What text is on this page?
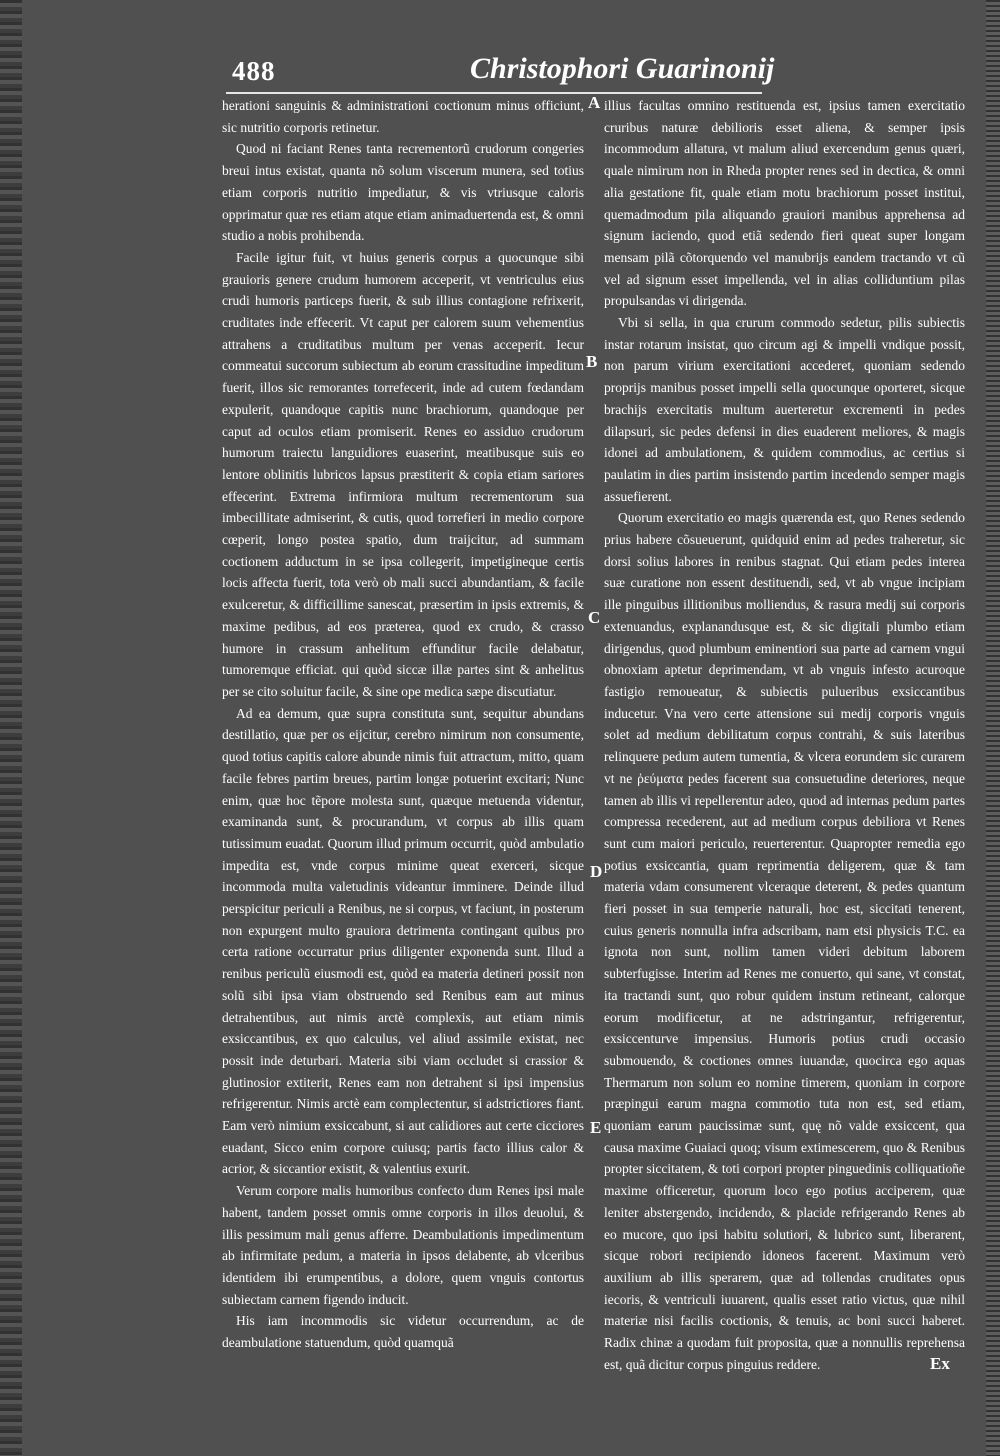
488	Christophori Guarinonij

herationi sanguinis & administrationi coctionum minus officiunt, sic nutritio corporis retinetur.

Quod ni faciant Renes tanta recrementorũ crudorum congeries breui intus existat, quanta nõ solum viscerum munera, sed totius etiam corporis nutritio impediatur, & vis vtriusque caloris opprimatur quæ res etiam atque etiam animaduertenda est, & omni studio a nobis prohibenda.

Facile igitur fuit, vt huius generis corpus a quocunque sibi grauioris genere crudum humorem acceperit, vt ventriculus eius crudi humoris particeps fuerit, & sub illius contagione refrixerit, cruditates inde effecerit. Vt caput per calorem suum vehementius attrahens a cruditatibus multum per venas acceperit. Iecur commeatui succorum subiectum ab eorum crassitudine impeditum fuerit, illos sic remorantes torrefecerit, inde ad cutem fœdandam expulerit, quandoque capitis nunc brachiorum, quandoque per caput ad oculos etiam promiserit. Renes eo assiduo crudorum humorum traiectu languidiores euaserint, meatibusque suis eo lentore oblinitis lubricos lapsus præstiterit & copia etiam sariores effecerint. Extrema infirmiora multum recrementorum sua imbecillitate admiserint, & cutis, quod torrefieri in medio corpore cœperit, longo postea spatio, dum traijcitur, ad summam coctionem adductum in se ipsa collegerit, impetigineque certis locis affecta fuerit, tota verò ob mali succi abundantiam, & facile exulceretur, & difficillime sanescat, præsertim in ipsis extremis, & maxime pedibus, ad eos præterea, quod ex crudo, & crasso humore in crassum anhelitum effunditur facile delabatur, tumoremque efficiat. qui quòd siccæ illæ partes sint & anhelitus per se cito soluitur facile, & sine ope medica sæpe discutiatur.

Ad ea demum, quæ supra constituta sunt, sequitur abundans destillatio, quæ per os eijcitur, cerebro nimirum non consumente, quod totius capitis calore abunde nimis fuit attractum, mitto, quam facile febres partim breues, partim longæ potuerint excitari; Nunc enim, quæ hoc tẽpore molesta sunt, quæque metuenda videntur, examinanda sunt, & procurandum, vt corpus ab illis quam tutissimum euadat. Quorum illud primum occurrit, quòd ambulatio impedita est, vnde corpus minime queat exerceri, sicque incommoda multa valetudinis videantur imminere. Deinde illud perspicitur periculi a Renibus, ne si corpus, vt faciunt, in posterum non expurgent multo grauiora detrimenta contingant quibus pro certa ratione occurratur prius diligenter exponenda sunt. Illud a renibus periculũ eiusmodi est, quòd ea materia detineri possit non solũ sibi ipsa viam obstruendo sed Renibus eam aut minus detrahentibus, aut nimis arctè complexis, aut etiam nimis exsiccantibus, ex quo calculus, vel aliud assimile existat, nec possit inde deturbari. Materia sibi viam occludet si crassior & glutinosior extiterit, Renes eam non detrahent si ipsi impensius refrigerentur. Nimis arctè eam complectentur, si adstrictiores fiant. Eam verò nimium exsiccabunt, si aut calidiores aut certe cicciores euadant, Sicco enim corpore cuiusq; partis facto illius calor & acrior, & siccantior existit, & valentius exurit.

Verum corpore malis humoribus confecto dum Renes ipsi male habent, tandem posset omnis omne corporis in illos deuolui, & illis pessimum mali genus afferre. Deambulationis impedimentum ab infirmitate pedum, a materia in ipsos delabente, ab vlceribus identidem ibi erumpentibus, a dolore, quem vnguis contortus subiectam carnem figendo inducit.

His iam incommodis sic videtur occurrendum, ac de deambulatione statuendum, quòd quamquã

A
B
C
D
E

illius facultas omnino restituenda est, ipsius tamen exercitatio cruribus naturæ debilioris esset aliena, & semper ipsis incommodum allatura, vt malum aliud exercendum genus quæri, quale nimirum non in Rheda propter renes sed in dectica, & omni alia gestatione fit, quale etiam motu brachiorum posset institui, quemadmodum pila aliquando grauiori manibus apprehensa ad signum iaciendo, quod etiã sedendo fieri queat super longam mensam pilã cõtorquendo vel manubrijs eandem tractando vt cũ vel ad signum esset impellenda, vel in alias colliduntium pilas propulsandas vi dirigenda.

Vbi si sella, in qua crurum commodo sedetur, pilis subiectis instar rotarum insistat, quo circum agi & impelli vndique possit, non parum virium exercitationi accederet, quoniam sedendo proprijs manibus posset impelli sella quocunque oporteret, sicque brachijs exercitatis multum auerteretur excrementi in pedes dilapsuri, sic pedes defensi in dies euaderent meliores, & magis idonei ad ambulationem, & quidem commodius, ac certius si paulatim in dies partim insistendo partim incedendo semper magis assuefierent.

Quorum exercitatio eo magis quærenda est, quo Renes sedendo prius habere cõsueuerunt, quidquid enim ad pedes traheretur, sic dorsi solius labores in renibus stagnat. Qui etiam pedes interea suæ curatione non essent destituendi, sed, vt ab vngue incipiam ille pinguibus illitionibus molliendus, & rasura medij sui corporis extenuandus, explanandusque est, & sic digitali plumbo etiam dirigendus, quod plumbum eminentiori sua parte ad carnem vngui obnoxiam aptetur deprimendam, vt ab vnguis infesto acuroque fastigio remoueatur, & subiectis pulueribus exsiccantibus inducetur. Vna vero certe attensione sui medij corporis vnguis solet ad medium debilitatum corpus contrahi, & suis lateribus relinquere pedum autem tumentia, & vlcera eorundem sic curarem vt ne ῥεύματα pedes facerent sua consuetudine deteriores, neque tamen ab illis vi repellerentur adeo, quod ad internas pedum partes compressa recederent, aut ad medium corpus debiliora vt Renes sunt cum maiori periculo, reuerterentur. Quapropter remedia ego potius exsiccantia, quam reprimentia deligerem, quæ & tam materia vdam consumerent vlceraque deterent, & pedes quantum fieri posset in sua temperie naturali, hoc est, siccitati tenerent, cuius generis nonnulla infra adscribam, nam etsi physicis T.C. ea ignota non sunt, nollim tamen videri debitum laborem subterfugisse. Interim ad Renes me conuerto, qui sane, vt constat, ita tractandi sunt, quo robur quidem instum retineant, calorque eorum modificetur, at ne adstringantur, refrigerentur, exsiccenturve impensius. Humoris potius crudi occasio submouendo, & coctiones omnes iuuandæ, quocirca ego aquas Thermarum non solum eo nomine timerem, quoniam in corpore præpingui earum magna commotio tuta non est, sed etiam, quoniam earum paucissimæ sunt, quę nõ valde exsiccent, qua causa maxime Guaiaci quoq; visum extimescerem, quo & Renibus propter siccitatem, & toti corpori propter pinguedinis colliquatioñe maxime officeretur, quorum loco ego potius acciperem, quæ leniter abstergendo, incidendo, & placide refrigerando Renes ab eo mucore, quo ipsi habitu solutiori, & lubrico sunt, liberarent, sicque robori recipiendo idoneos facerent. Maximum verò auxilium ab illis sperarem, quæ ad tollendas cruditates opus iecoris, & ventriculi iuuarent, qualis esset ratio victus, quæ nihil materiæ nisi facilis coctionis, & tenuis, ac boni succi haberet. Radix chinæ a quodam fuit proposita, quæ a nonnullis reprehensa est, quã dicitur corpus pinguius reddere.	Ex
